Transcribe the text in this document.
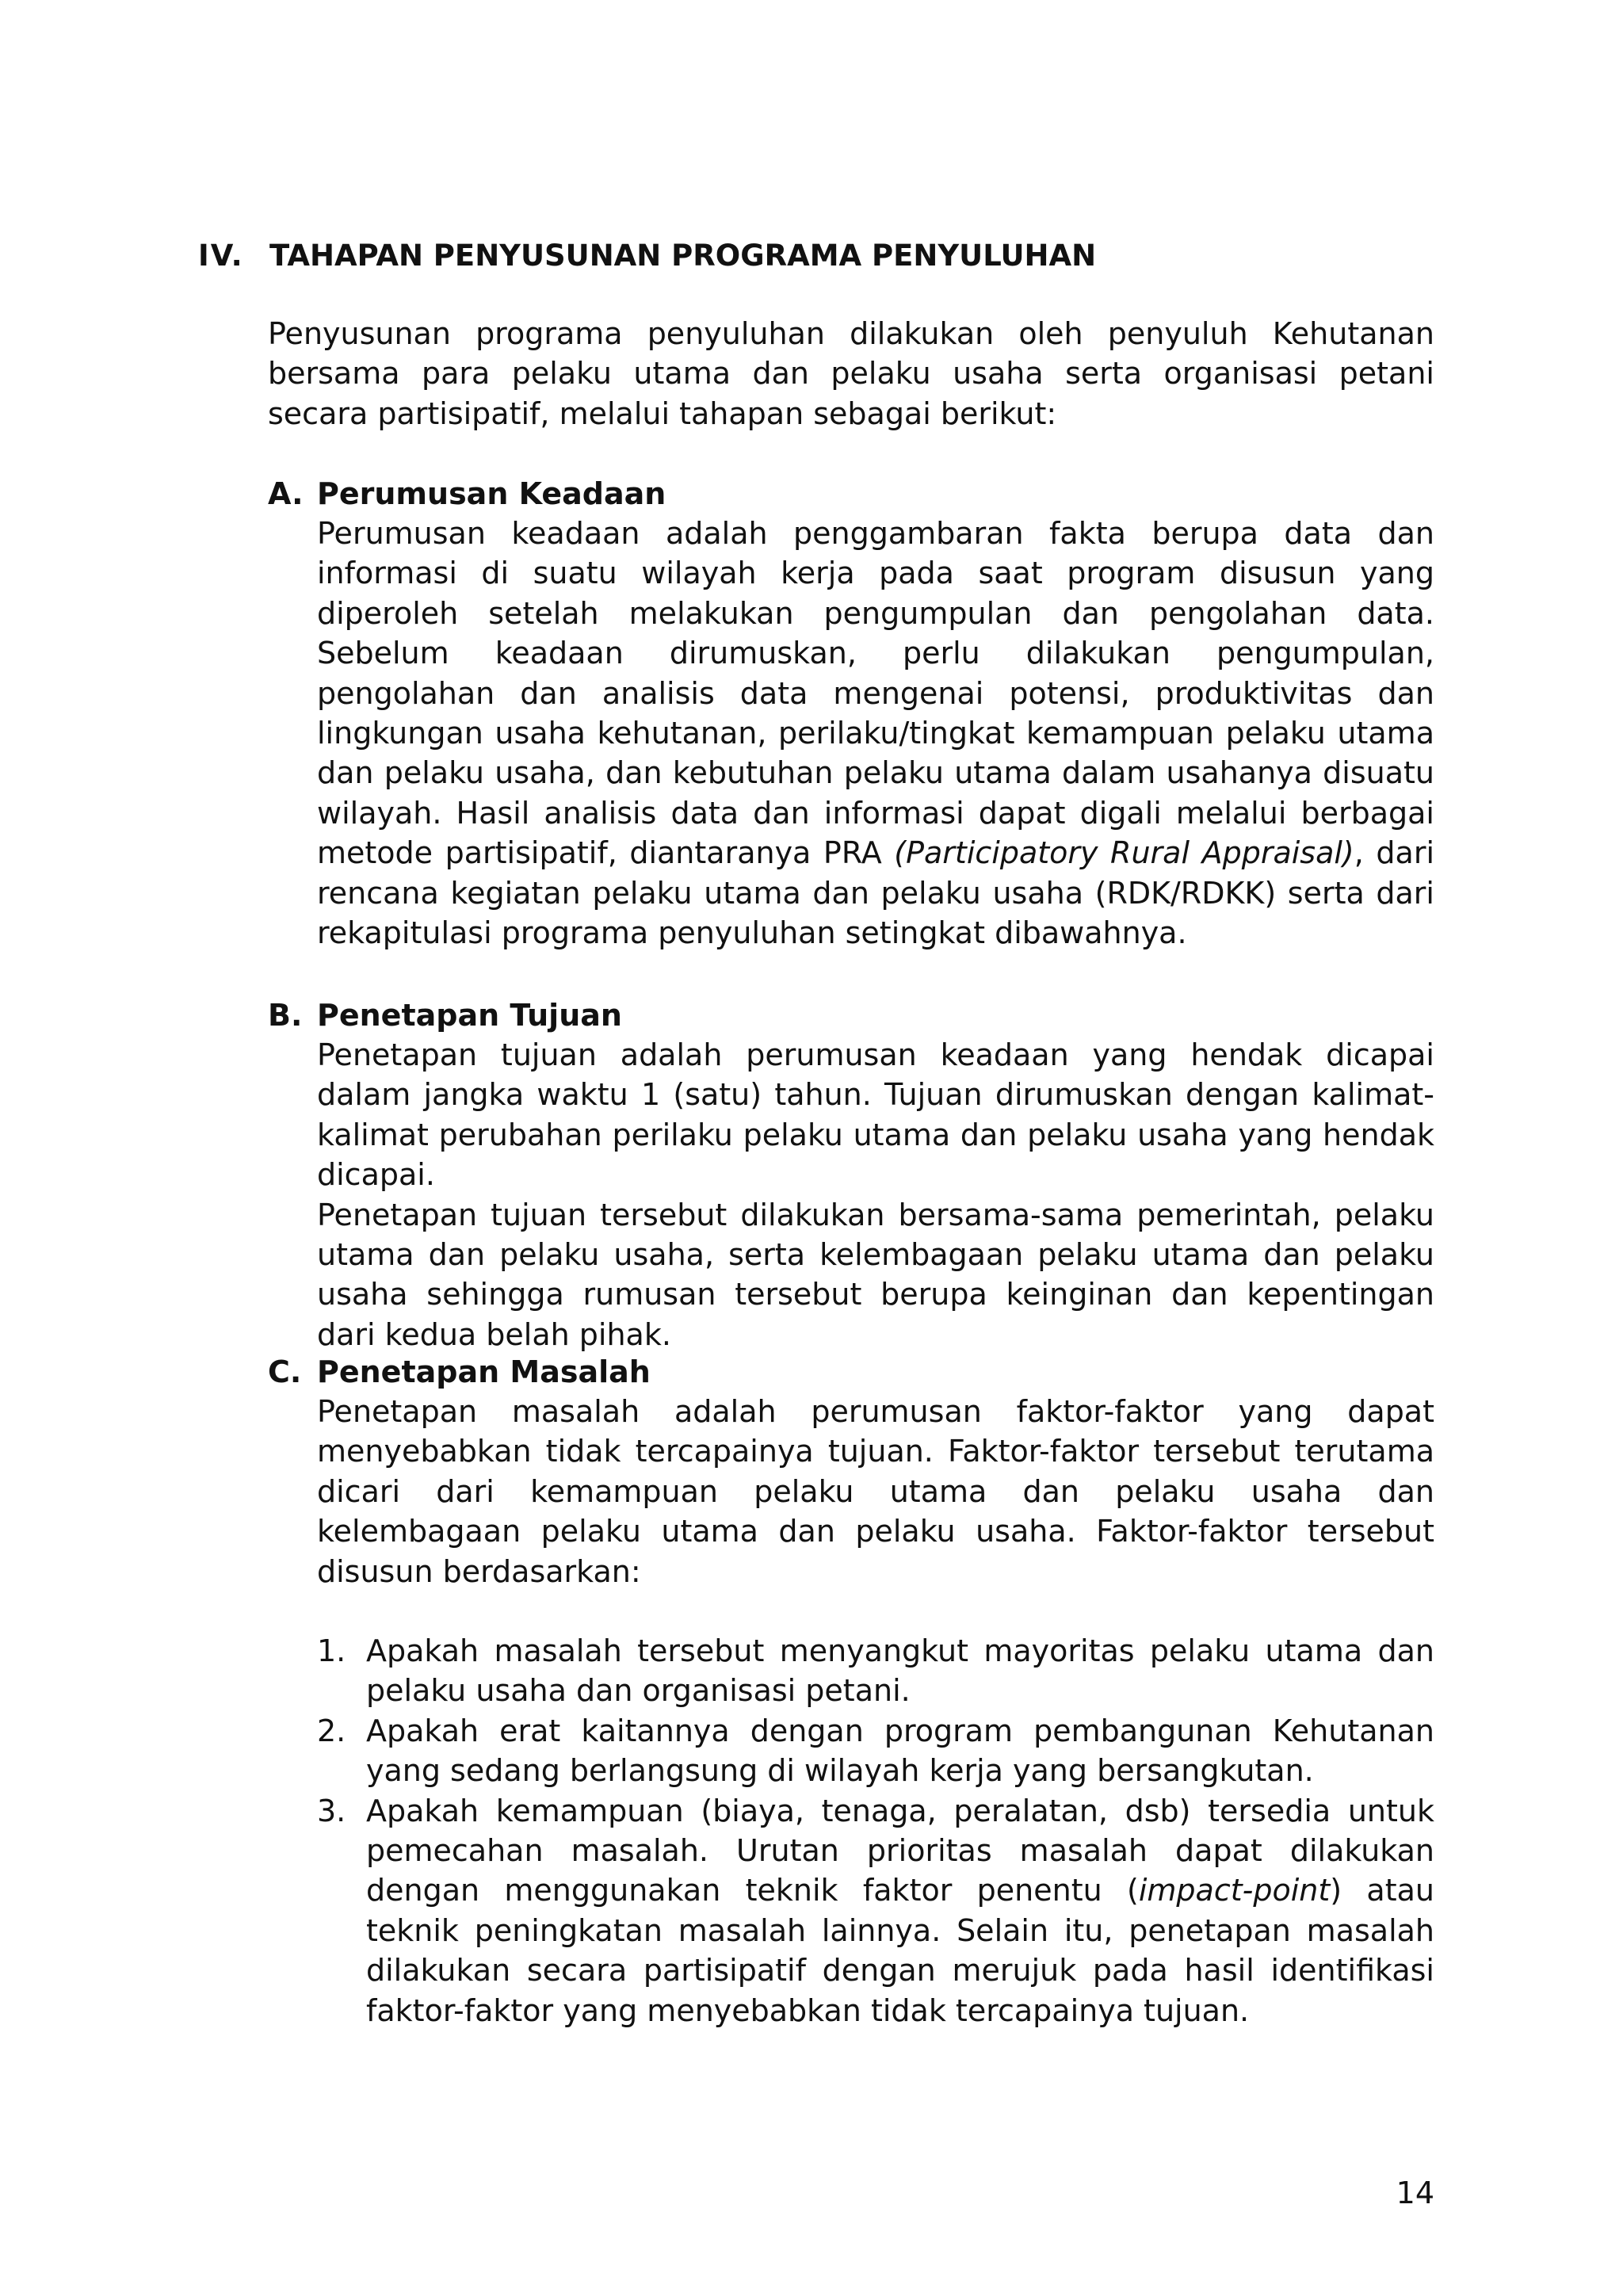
IV. TAHAPAN PENYUSUNAN PROGRAMA PENYULUHAN
Penyusunan programa penyuluhan dilakukan oleh penyuluh Kehutanan bersama para pelaku utama dan pelaku usaha serta organisasi petani secara partisipatif, melalui tahapan sebagai berikut:
A. Perumusan Keadaan
Perumusan keadaan adalah penggambaran fakta berupa data dan informasi di suatu wilayah kerja pada saat program disusun yang diperoleh setelah melakukan pengumpulan dan pengolahan data. Sebelum keadaan dirumuskan, perlu dilakukan pengumpulan, pengolahan dan analisis data mengenai potensi, produktivitas dan lingkungan usaha kehutanan, perilaku/tingkat kemampuan pelaku utama dan pelaku usaha, dan kebutuhan pelaku utama dalam usahanya disuatu wilayah. Hasil analisis data dan informasi dapat digali melalui berbagai metode partisipatif, diantaranya PRA (Participatory Rural Appraisal), dari rencana kegiatan pelaku utama dan pelaku usaha (RDK/RDKK) serta dari rekapitulasi programa penyuluhan setingkat dibawahnya.
B. Penetapan Tujuan
Penetapan tujuan adalah perumusan keadaan yang hendak dicapai dalam jangka waktu 1 (satu) tahun. Tujuan dirumuskan dengan kalimat-kalimat perubahan perilaku pelaku utama dan pelaku usaha yang hendak dicapai.
Penetapan tujuan tersebut dilakukan bersama-sama pemerintah, pelaku utama dan pelaku usaha, serta kelembagaan pelaku utama dan pelaku usaha sehingga rumusan tersebut berupa keinginan dan kepentingan dari kedua belah pihak.
C. Penetapan Masalah
Penetapan masalah adalah perumusan faktor-faktor yang dapat menyebabkan tidak tercapainya tujuan. Faktor-faktor tersebut terutama dicari dari kemampuan pelaku utama dan pelaku usaha dan kelembagaan pelaku utama dan pelaku usaha. Faktor-faktor tersebut disusun berdasarkan:
1. Apakah masalah tersebut menyangkut mayoritas pelaku utama dan pelaku usaha dan organisasi petani.
2. Apakah erat kaitannya dengan program pembangunan Kehutanan yang sedang berlangsung di wilayah kerja yang bersangkutan.
3. Apakah kemampuan (biaya, tenaga, peralatan, dsb) tersedia untuk pemecahan masalah. Urutan prioritas masalah dapat dilakukan dengan menggunakan teknik faktor penentu (impact-point) atau teknik peningkatan masalah lainnya. Selain itu, penetapan masalah dilakukan secara partisipatif dengan merujuk pada hasil identifikasi faktor-faktor yang menyebabkan tidak tercapainya tujuan.
14
